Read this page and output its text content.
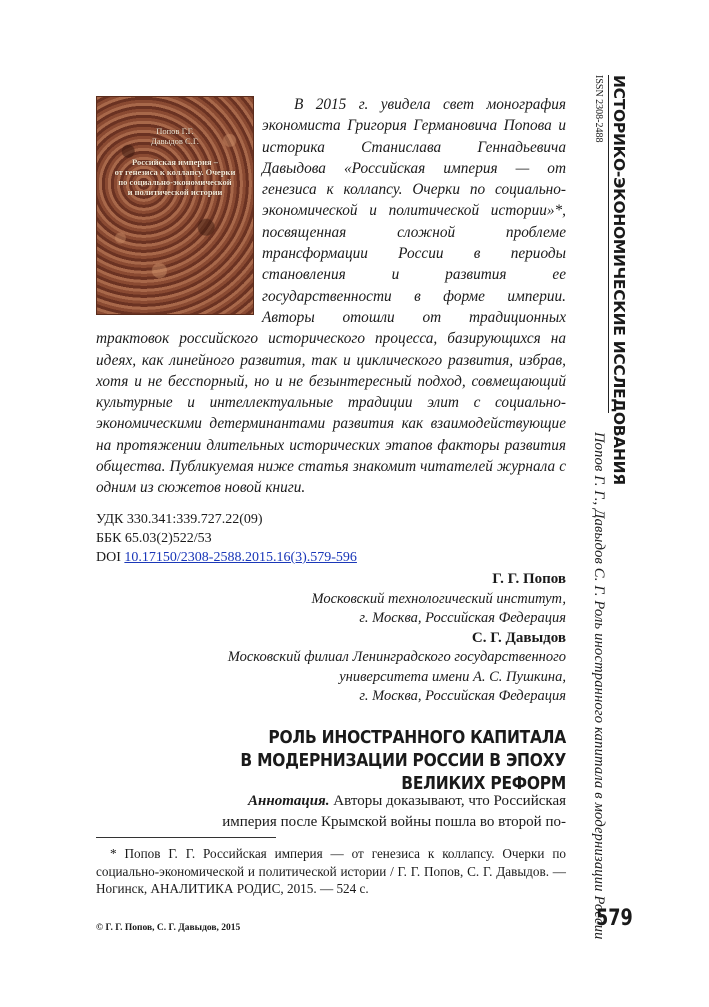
Попов Г.Г.
Давыдов С.Г.
Российская империя –
от генезиса к коллапсу. Очерки
по социально-экономической
и политической истории

В 2015 г. увидела свет монография экономиста Григория Германовича Попова и историка Станислава Геннадьевича Давыдова «Российская империя — от генезиса к коллапсу. Очерки по социально-экономической и политической истории»*, посвященная сложной проблеме трансформации России в периоды становления и развития ее государственности в форме империи. Авторы отошли от традиционных трактовок российского исторического процесса, базирующихся на идеях, как линейного развития, так и циклического развития, избрав, хотя и не бесспорный, но и не безынтересный подход, совмещающий культурные и интеллектуальные традиции элит с социально-экономическими детерминантами развития как взаимодействующие на протяжении длительных исторических этапов факторы развития общества. Публикуемая ниже статья знакомит читателей журнала с одним из сюжетов новой книги.

УДК 330.341:339.727.22(09)
ББК 65.03(2)522/53
DOI 10.17150/2308-2588.2015.16(3).579-596
Г. Г. Попов
Московский технологический институт,
г. Москва, Российская Федерация
С. Г. Давыдов
Московский филиал Ленинградского государственного
университета имени А. С. Пушкина,
г. Москва, Российская Федерация
РОЛЬ ИНОСТРАННОГО КАПИТАЛА
В МОДЕРНИЗАЦИИ РОССИИ В ЭПОХУ ВЕЛИКИХ РЕФОРМ
Аннотация. Авторы доказывают, что Российская
империя после Крымской войны пошла во второй по-
* Попов Г. Г. Российская империя — от генезиса к коллапсу. Очерки по социально-экономической и политической истории / Г. Г. Попов, С. Г. Давыдов. — Ногинск, АНАЛИТИКА РОДИС, 2015. — 524 с.
© Г. Г. Попов, С. Г. Давыдов, 2015
ИСТОРИКО-ЭКОНОМИЧЕСКИЕ ИССЛЕДОВАНИЯ
ISSN 2308-2488
Попов Г. Г., Давыдов С. Г. Роль иностранного капитала в модернизации России
579
